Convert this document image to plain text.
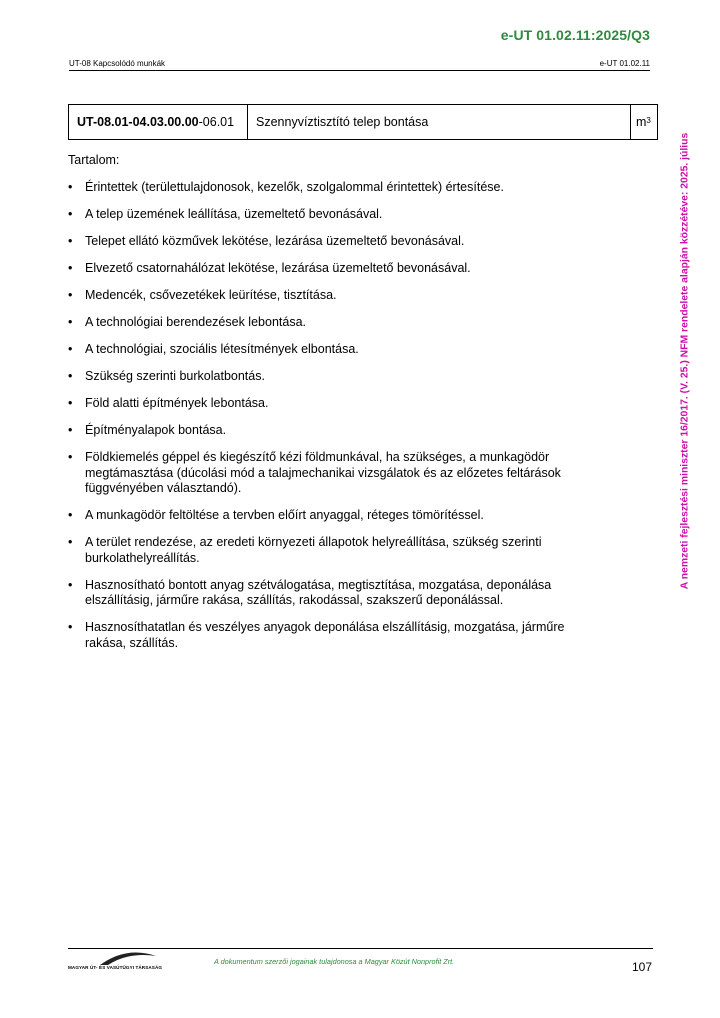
e-UT 01.02.11:2025/Q3
UT-08 Kapcsolódó munkák	e-UT 01.02.11
UT-08.01-04.03.00.00 -06.01	Szennyvíztisztító telep bontása	$m^3$
Tartalom:
• Érintettek (területtulajdonosok, kezelők, szolgalommal érintettek) értesítése.
• A telep üzemének leállítása, üzemeltető bevonásával.
• Telepet ellátó közművek lekötése, lezárása üzemeltető bevonásával.
• Elvezető csatornahálózat lekötése, lezárása üzemeltető bevonásával.
• Medencék, csővezetékek leürítése, tisztítása.
• A technológiai berendezések lebontása.
• A technológiai, szociális létesítmények elbontása.
• Szükség szerinti burkolatbontás.
• Föld alatti építmények lebontása.
• Építményalapok bontása.
• Földkiemelés géppel és kiegészítő kézi földmunkával, ha szükséges, a munkagödör megtámasztása (dúcolási mód a talajmechanikai vizsgálatok és az előzetes feltárások függvényében választandó).
• A munkagödör feltöltése a tervben előírt anyaggal, réteges tömörítéssel.
• A terület rendezése, az eredeti környezeti állapotok helyreállítása, szükség szerinti burkolathelyreállítás.
• Hasznosítható bontott anyag szétválogatása, megtisztítása, mozgatása, deponálása elszállításig, járműre rakása, szállítás, rakodással, szakszerű deponálással.
• Hasznosíthatatlan és veszélyes anyagok deponálása elszállításig, mozgatása, járműre rakása, szállítás.
A nemzeti fejlesztési miniszter 16/2017. (V. 25.) NFM rendelete alapján közzétéve: 2025. július
MAGYAR ÚT- ÉS VASÚTÜGYI TÁRSASÁG
A dokumentum szerzői jogainak tulajdonosa a Magyar Közút Nonprofit Zrt.	107
